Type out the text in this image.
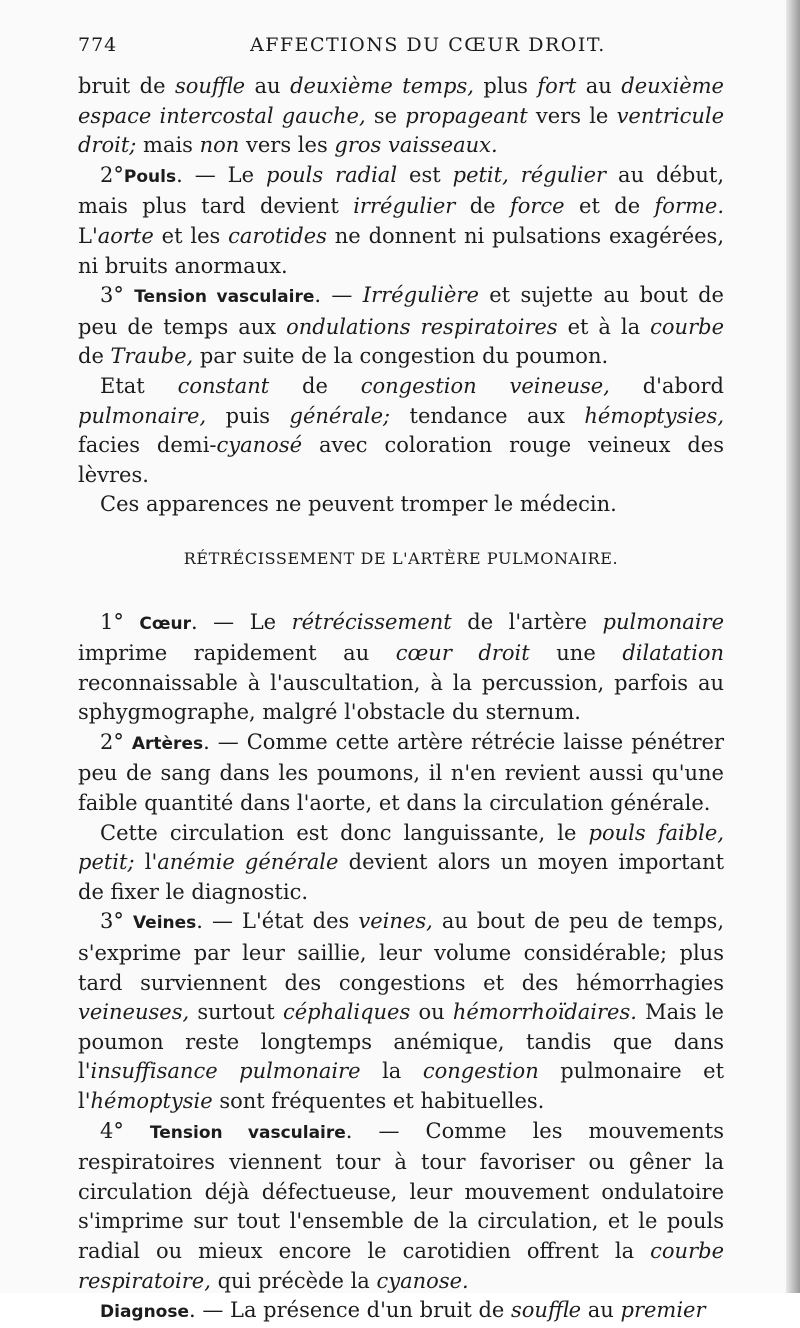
774	AFFECTIONS DU CŒUR DROIT.

bruit de souffle au deuxième temps, plus fort au deuxième espace intercostal gauche, se propageant vers le ventricule droit; mais non vers les gros vaisseaux.

2°Pouls. — Le pouls radial est petit, régulier au début, mais plus tard devient irrégulier de force et de forme. L'aorte et les carotides ne donnent ni pulsations exagérées, ni bruits anormaux.

3° Tension vasculaire. — Irrégulière et sujette au bout de peu de temps aux ondulations respiratoires et à la courbe de Traube, par suite de la congestion du poumon.

Etat constant de congestion veineuse, d'abord pulmonaire, puis générale; tendance aux hémoptysies, facies demi-cyanosé avec coloration rouge veineux des lèvres.

Ces apparences ne peuvent tromper le médecin.

RÉTRÉCISSEMENT DE L'ARTÈRE PULMONAIRE.

1° Cœur. — Le rétrécissement de l'artère pulmonaire imprime rapidement au cœur droit une dilatation reconnaissable à l'auscultation, à la percussion, parfois au sphygmographe, malgré l'obstacle du sternum.

2° Artères. — Comme cette artère rétrécie laisse pénétrer peu de sang dans les poumons, il n'en revient aussi qu'une faible quantité dans l'aorte, et dans la circulation générale.

Cette circulation est donc languissante, le pouls faible, petit; l'anémie générale devient alors un moyen important de fixer le diagnostic.

3° Veines. — L'état des veines, au bout de peu de temps, s'exprime par leur saillie, leur volume considérable; plus tard surviennent des congestions et des hémorrhagies veineuses, surtout céphaliques ou hémorrhoïdaires. Mais le poumon reste longtemps anémique, tandis que dans l'insuffisance pulmonaire la congestion pulmonaire et l'hémoptysie sont fréquentes et habituelles.

4° Tension vasculaire. — Comme les mouvements respiratoires viennent tour à tour favoriser ou gêner la circulation déjà défectueuse, leur mouvement ondulatoire s'imprime sur tout l'ensemble de la circulation, et le pouls radial ou mieux encore le carotidien offrent la courbe respiratoire, qui précède la cyanose.

Diagnose. — La présence d'un bruit de souffle au premier
